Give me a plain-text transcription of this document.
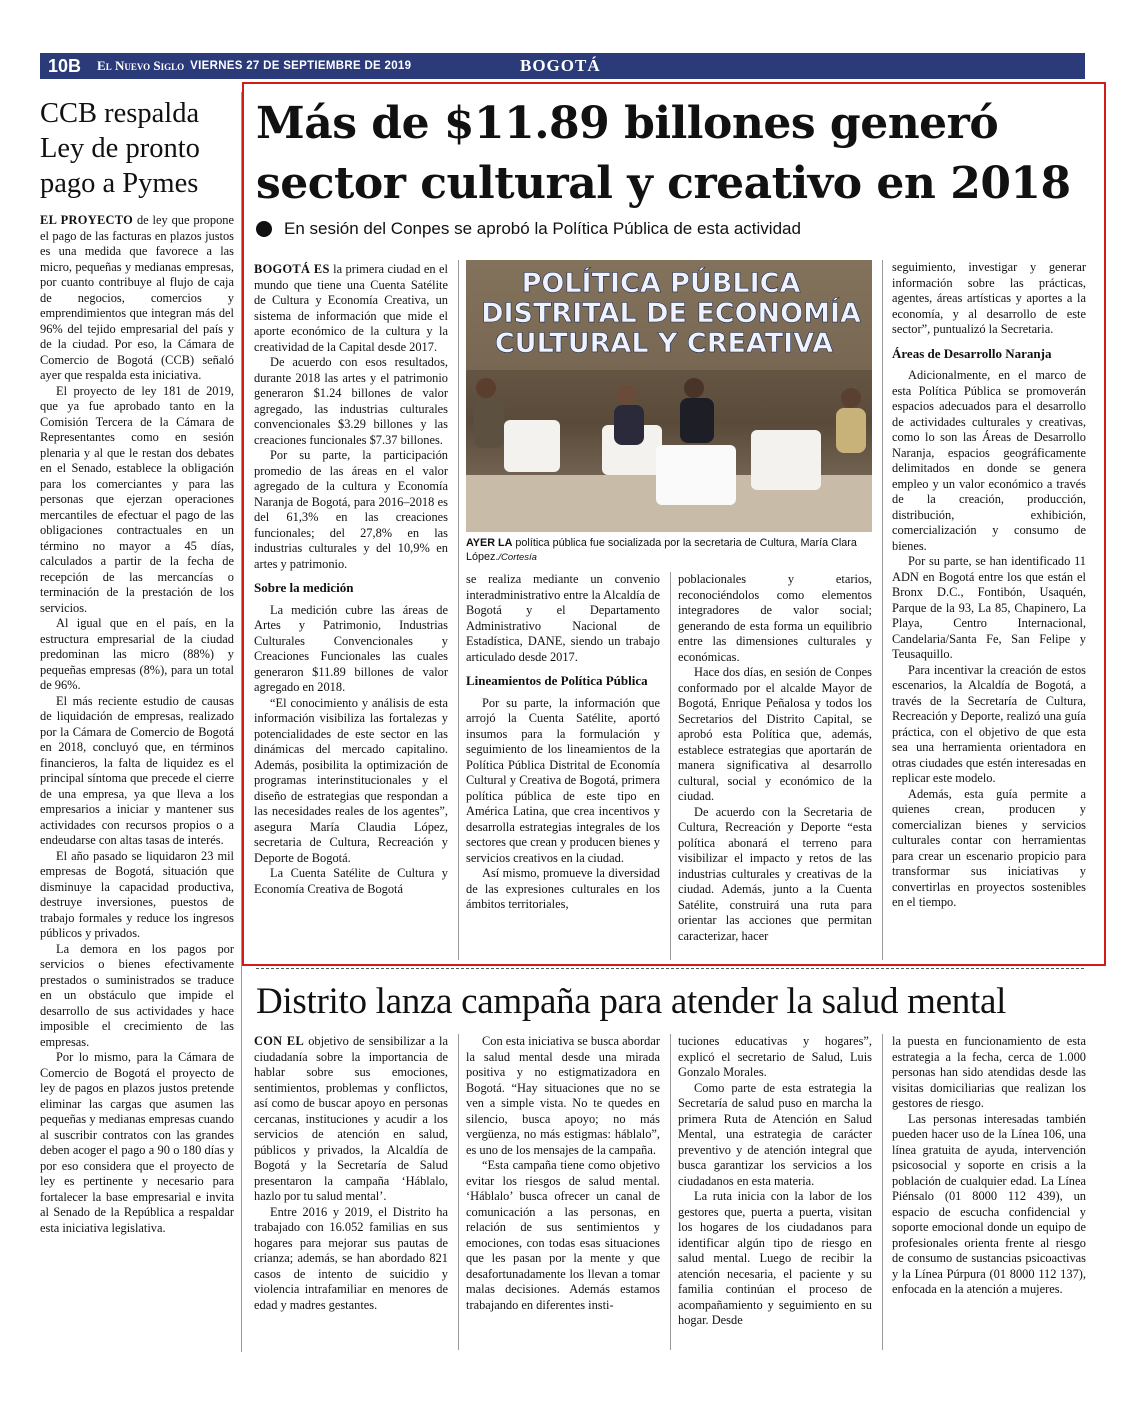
10B	El Nuevo Siglo VIERNES 27 DE SEPTIEMBRE DE 2019	BOGOTÁ
CCB respalda Ley de pronto pago a Pymes

EL PROYECTO de ley que propone el pago de las facturas en plazos justos es una medida que favorece a las micro, pequeñas y medianas empresas, por cuanto contribuye al flujo de caja de negocios, comercios y emprendimientos que integran más del 96% del tejido empresarial del país y de la ciudad. Por eso, la Cámara de Comercio de Bogotá (CCB) señaló ayer que respalda esta iniciativa.

El proyecto de ley 181 de 2019, que ya fue aprobado tanto en la Comisión Tercera de la Cámara de Representantes como en sesión plenaria y al que le restan dos debates en el Senado, establece la obligación para los comerciantes y para las personas que ejerzan operaciones mercantiles de efectuar el pago de las obligaciones contractuales en un término no mayor a 45 días, calculados a partir de la fecha de recepción de las mercancías o terminación de la prestación de los servicios.

Al igual que en el país, en la estructura empresarial de la ciudad predominan las micro (88%) y pequeñas empresas (8%), para un total de 96%.

El más reciente estudio de causas de liquidación de empresas, realizado por la Cámara de Comercio de Bogotá en 2018, concluyó que, en términos financieros, la falta de liquidez es el principal síntoma que precede el cierre de una empresa, ya que lleva a los empresarios a iniciar y mantener sus actividades con recursos propios o a endeudarse con altas tasas de interés.

El año pasado se liquidaron 23 mil empresas de Bogotá, situación que disminuye la capacidad productiva, destruye inversiones, puestos de trabajo formales y reduce los ingresos públicos y privados.

La demora en los pagos por servicios o bienes efectivamente prestados o suministrados se traduce en un obstáculo que impide el desarrollo de sus actividades y hace imposible el crecimiento de las empresas.

Por lo mismo, para la Cámara de Comercio de Bogotá el proyecto de ley de pagos en plazos justos pretende eliminar las cargas que asumen las pequeñas y medianas empresas cuando al suscribir contratos con las grandes deben acoger el pago a 90 o 180 días y por eso considera que el proyecto de ley es pertinente y necesario para fortalecer la base empresarial e invita al Senado de la República a respaldar esta iniciativa legislativa.

Más de $11.89 billones generó sector cultural y creativo en 2018
En sesión del Conpes se aprobó la Política Pública de esta actividad

BOGOTÁ ES la primera ciudad en el mundo que tiene una Cuenta Satélite de Cultura y Economía Creativa, un sistema de información que mide el aporte económico de la cultura y la creatividad de la Capital desde 2017.

De acuerdo con esos resultados, durante 2018 las artes y el patrimonio generaron $1.24 billones de valor agregado, las industrias culturales convencionales $3.29 billones y las creaciones funcionales $7.37 billones.

Por su parte, la participación promedio de las áreas en el valor agregado de la cultura y Economía Naranja de Bogotá, para 2016–2018 es del 61,3% en las creaciones funcionales; del 27,8% en las industrias culturales y del 10,9% en artes y patrimonio.

Sobre la medición

La medición cubre las áreas de Artes y Patrimonio, Industrias Culturales Convencionales y Creaciones Funcionales las cuales generaron $11.89 billones de valor agregado en 2018.

“El conocimiento y análisis de esta información visibiliza las fortalezas y potencialidades de este sector en las dinámicas del mercado capitalino. Además, posibilita la optimización de programas interinstitucionales y el diseño de estrategias que respondan a las necesidades reales de los agentes”, asegura María Claudia López, secretaria de Cultura, Recreación y Deporte de Bogotá.

La Cuenta Satélite de Cultura y Economía Creativa de Bogotá

POLÍTICA PÚBLICA
DISTRITAL DE ECONOMÍA
CULTURAL Y CREATIVA
AYER LA política pública fue socializada por la secretaria de Cultura, María Clara López./Cortesía

se realiza mediante un convenio interadministrativo entre la Alcaldía de Bogotá y el Departamento Administrativo Nacional de Estadística, DANE, siendo un trabajo articulado desde 2017.

Lineamientos de Política Pública

Por su parte, la información que arrojó la Cuenta Satélite, aportó insumos para la formulación y seguimiento de los lineamientos de la Política Pública Distrital de Economía Cultural y Creativa de Bogotá, primera política pública de este tipo en América Latina, que crea incentivos y desarrolla estrategias integrales de los sectores que crean y producen bienes y servicios creativos en la ciudad.

Así mismo, promueve la diversidad de las expresiones culturales en los ámbitos territoriales,

poblacionales y etarios, reconociéndolos como elementos integradores de valor social; generando de esta forma un equilibrio entre las dimensiones culturales y económicas.

Hace dos días, en sesión de Conpes conformado por el alcalde Mayor de Bogotá, Enrique Peñalosa y todos los Secretarios del Distrito Capital, se aprobó esta Política que, además, establece estrategias que aportarán de manera significativa al desarrollo cultural, social y económico de la ciudad.

De acuerdo con la Secretaria de Cultura, Recreación y Deporte “esta política abonará el terreno para visibilizar el impacto y retos de las industrias culturales y creativas de la ciudad. Además, junto a la Cuenta Satélite, construirá una ruta para orientar las acciones que permitan caracterizar, hacer

seguimiento, investigar y generar información sobre las prácticas, agentes, áreas artísticas y aportes a la economía, y al desarrollo de este sector”, puntualizó la Secretaria.

Áreas de Desarrollo Naranja

Adicionalmente, en el marco de esta Política Pública se promoverán espacios adecuados para el desarrollo de actividades culturales y creativas, como lo son las Áreas de Desarrollo Naranja, espacios geográficamente delimitados en donde se genera empleo y un valor económico a través de la creación, producción, distribución, exhibición, comercialización y consumo de bienes.

Por su parte, se han identificado 11 ADN en Bogotá entre los que están el Bronx D.C., Fontibón, Usaquén, Parque de la 93, La 85, Chapinero, La Playa, Centro Internacional, Candelaria/Santa Fe, San Felipe y Teusaquillo.

Para incentivar la creación de estos escenarios, la Alcaldía de Bogotá, a través de la Secretaría de Cultura, Recreación y Deporte, realizó una guía práctica, con el objetivo de que esta sea una herramienta orientadora en otras ciudades que estén interesadas en replicar este modelo.

Además, esta guía permite a quienes crean, producen y comercializan bienes y servicios culturales contar con herramientas para crear un escenario propicio para transformar sus iniciativas y convertirlas en proyectos sostenibles en el tiempo.

Distrito lanza campaña para atender la salud mental

CON EL objetivo de sensibilizar a la ciudadanía sobre la importancia de hablar sobre sus emociones, sentimientos, problemas y conflictos, así como de buscar apoyo en personas cercanas, instituciones y acudir a los servicios de atención en salud, públicos y privados, la Alcaldía de Bogotá y la Secretaría de Salud presentaron la campaña ‘Háblalo, hazlo por tu salud mental’.

Entre 2016 y 2019, el Distrito ha trabajado con 16.052 familias en sus hogares para mejorar sus pautas de crianza; además, se han abordado 821 casos de intento de suicidio y violencia intrafamiliar en menores de edad y madres gestantes.

Con esta iniciativa se busca abordar la salud mental desde una mirada positiva y no estigmatizadora en Bogotá. “Hay situaciones que no se ven a simple vista. No te quedes en silencio, busca apoyo; no más vergüenza, no más estigmas: háblalo”, es uno de los mensajes de la campaña.

“Esta campaña tiene como objetivo evitar los riesgos de salud mental. ‘Háblalo’ busca ofrecer un canal de comunicación a las personas, en relación de sus sentimientos y emociones, con todas esas situaciones que les pasan por la mente y que desafortunadamente los llevan a tomar malas decisiones. Además estamos trabajando en diferentes insti-

tuciones educativas y hogares”, explicó el secretario de Salud, Luis Gonzalo Morales.

Como parte de esta estrategia la Secretaría de salud puso en marcha la primera Ruta de Atención en Salud Mental, una estrategia de carácter preventivo y de atención integral que busca garantizar los servicios a los ciudadanos en esta materia.

La ruta inicia con la labor de los gestores que, puerta a puerta, visitan los hogares de los ciudadanos para identificar algún tipo de riesgo en salud mental. Luego de recibir la atención necesaria, el paciente y su familia continúan el proceso de acompañamiento y seguimiento en su hogar. Desde

la puesta en funcionamiento de esta estrategia a la fecha, cerca de 1.000 personas han sido atendidas desde las visitas domiciliarias que realizan los gestores de riesgo.

Las personas interesadas también pueden hacer uso de la Línea 106, una línea gratuita de ayuda, intervención psicosocial y soporte en crisis a la población de cualquier edad. La Línea Piénsalo (01 8000 112 439), un espacio de escucha confidencial y soporte emocional donde un equipo de profesionales orienta frente al riesgo de consumo de sustancias psicoactivas y la Línea Púrpura (01 8000 112 137), enfocada en la atención a mujeres.
